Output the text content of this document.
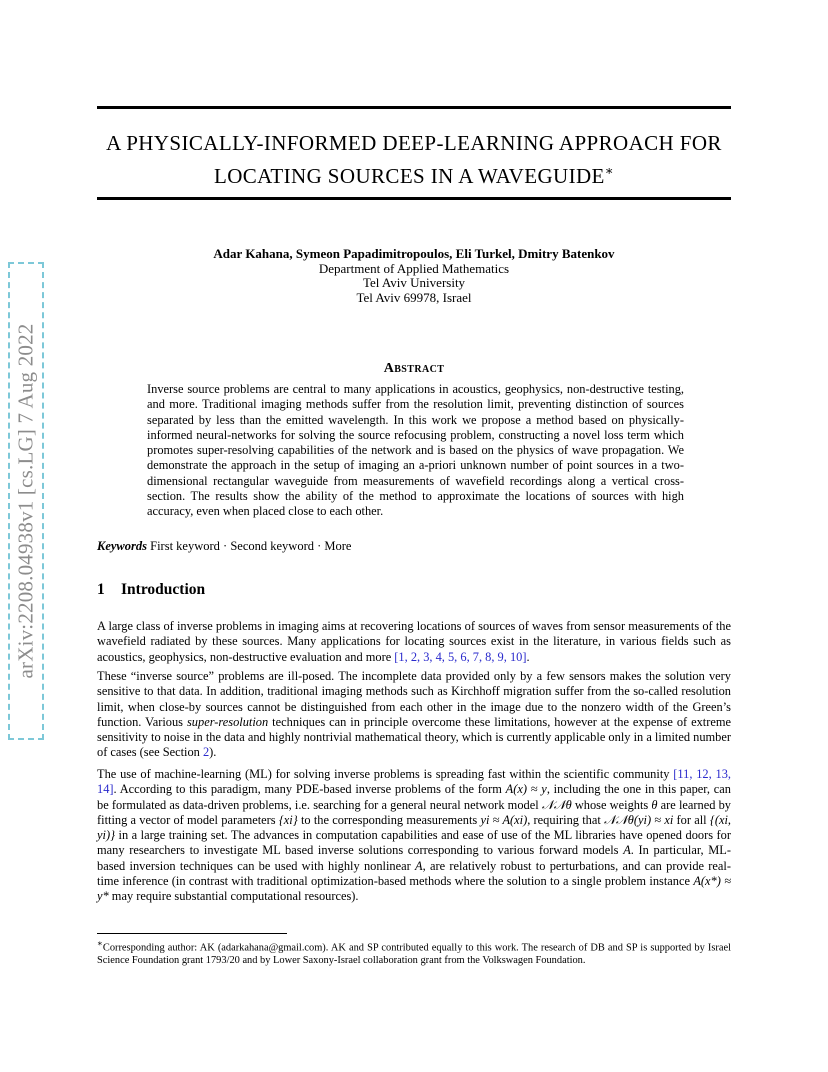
arXiv:2208.04938v1 [cs.LG] 7 Aug 2022
A PHYSICALLY-INFORMED DEEP-LEARNING APPROACH FOR
LOCATING SOURCES IN A WAVEGUIDE∗
Adar Kahana, Symeon Papadimitropoulos, Eli Turkel, Dmitry Batenkov
Department of Applied Mathematics
Tel Aviv University
Tel Aviv 69978, Israel
Abstract
Inverse source problems are central to many applications in acoustics, geophysics, non-destructive testing, and more. Traditional imaging methods suffer from the resolution limit, preventing distinction of sources separated by less than the emitted wavelength. In this work we propose a method based on physically-informed neural-networks for solving the source refocusing problem, constructing a novel loss term which promotes super-resolving capabilities of the network and is based on the physics of wave propagation. We demonstrate the approach in the setup of imaging an a-priori unknown number of point sources in a two-dimensional rectangular waveguide from measurements of wavefield recordings along a vertical cross-section. The results show the ability of the method to approximate the locations of sources with high accuracy, even when placed close to each other.
Keywords First keyword · Second keyword · More
1 Introduction
A large class of inverse problems in imaging aims at recovering locations of sources of waves from sensor measurements of the wavefield radiated by these sources. Many applications for locating sources exist in the literature, in various fields such as acoustics, geophysics, non-destructive evaluation and more [1, 2, 3, 4, 5, 6, 7, 8, 9, 10].
These “inverse source” problems are ill-posed. The incomplete data provided only by a few sensors makes the solution very sensitive to that data. In addition, traditional imaging methods such as Kirchhoff migration suffer from the so-called resolution limit, when close-by sources cannot be distinguished from each other in the image due to the nonzero width of the Green’s function. Various super-resolution techniques can in principle overcome these limitations, however at the expense of extreme sensitivity to noise in the data and highly nontrivial mathematical theory, which is currently applicable only in a limited number of cases (see Section 2).
The use of machine-learning (ML) for solving inverse problems is spreading fast within the scientific community [11, 12, 13, 14]. According to this paradigm, many PDE-based inverse problems of the form A(x) ≈ y, including the one in this paper, can be formulated as data-driven problems, i.e. searching for a general neural network model 𝒩𝒩θ whose weights θ are learned by fitting a vector of model parameters {xi} to the corresponding measurements yi ≈ A(xi), requiring that 𝒩𝒩θ(yi) ≈ xi for all {(xi, yi)} in a large training set. The advances in computation capabilities and ease of use of the ML libraries have opened doors for many researchers to investigate ML based inverse solutions corresponding to various forward models A. In particular, ML-based inversion techniques can be used with highly nonlinear A, are relatively robust to perturbations, and can provide real-time inference (in contrast with traditional optimization-based methods where the solution to a single problem instance A(x*) ≈ y* may require substantial computational resources).
∗Corresponding author: AK (adarkahana@gmail.com). AK and SP contributed equally to this work. The research of DB and SP is supported by Israel Science Foundation grant 1793/20 and by Lower Saxony-Israel collaboration grant from the Volkswagen Foundation.
